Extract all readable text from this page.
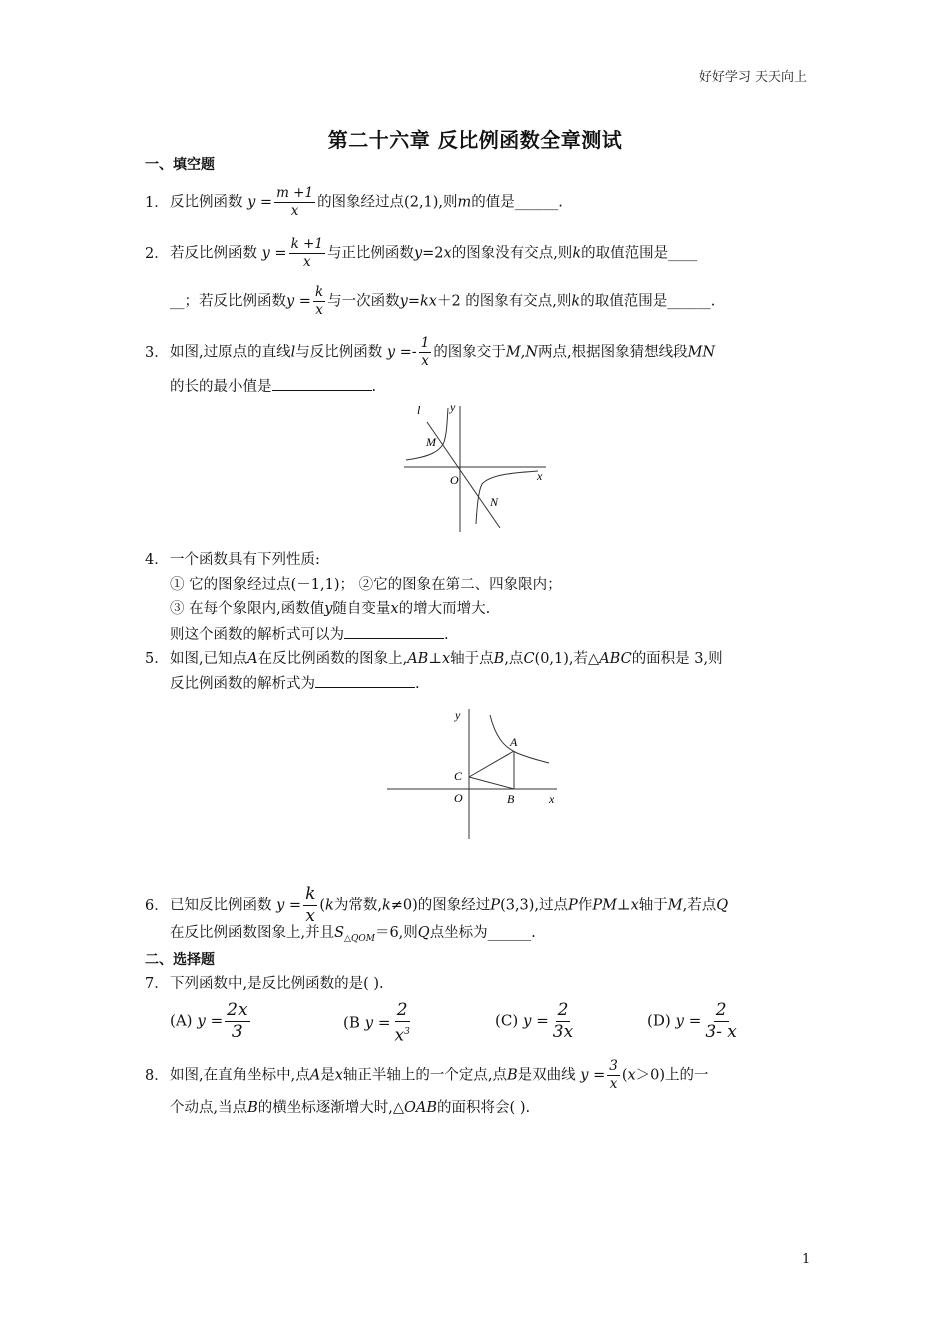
好好学习 天天向上
第二十六章 反比例函数全章测试
一、填空题
1．反比例函数 $y = \frac{m +1}{x}$ 的图象经过点(2,1),则m的值是______.
2．若反比例函数 $y = \frac{k +1}{x}$ 与正比例函数y=2x的图象没有交点,则k的取值范围是____
__；若反比例函数$y = \frac{k}{x}$ 与一次函数y=kx＋2 的图象有交点,则k的取值范围是______.
3．如图,过原点的直线l与反比例函数 $y =- \frac{1}{x}$ 的图象交于M,N两点,根据图象猜想线段MN
的长的最小值是	.
l y
x
O
M
N
4．一个函数具有下列性质:
① 它的图象经过点(－1,1)； ②它的图象在第二、四象限内；
③ 在每个象限内,函数值y随自变量x的增大而增大.
则这个函数的解析式可以为	.
5．如图,已知点A在反比例函数的图象上,AB⊥x轴于点B,点C(0,1),若△ABC的面积是 3,则
反比例函数的解析式为	.
y
x
O
A
B
C
6．已知反比例函数 $y = \frac{k}{x} (k$为常数,k≠0)的图象经过P(3,3),过点P作PM⊥x轴于M,若点Q
在反比例函数图象上,并且$S_{\triangle QOM}=6$,则Q点坐标为______.
二、选择题
7．下列函数中,是反比例函数的是( ).
(A) $y = \frac{2x}{3}$	(B $y = \frac{2}{x^3}$	(C) $y = \frac{2}{3x}$	(D) $y = \frac{2}{3- x}$
8．如图,在直角坐标中,点A是x轴正半轴上的一个定点,点B是双曲线 $y = \frac{3}{x} (x>0)$上的一
个动点,当点B的横坐标逐渐增大时,△OAB的面积将会( ).
1
